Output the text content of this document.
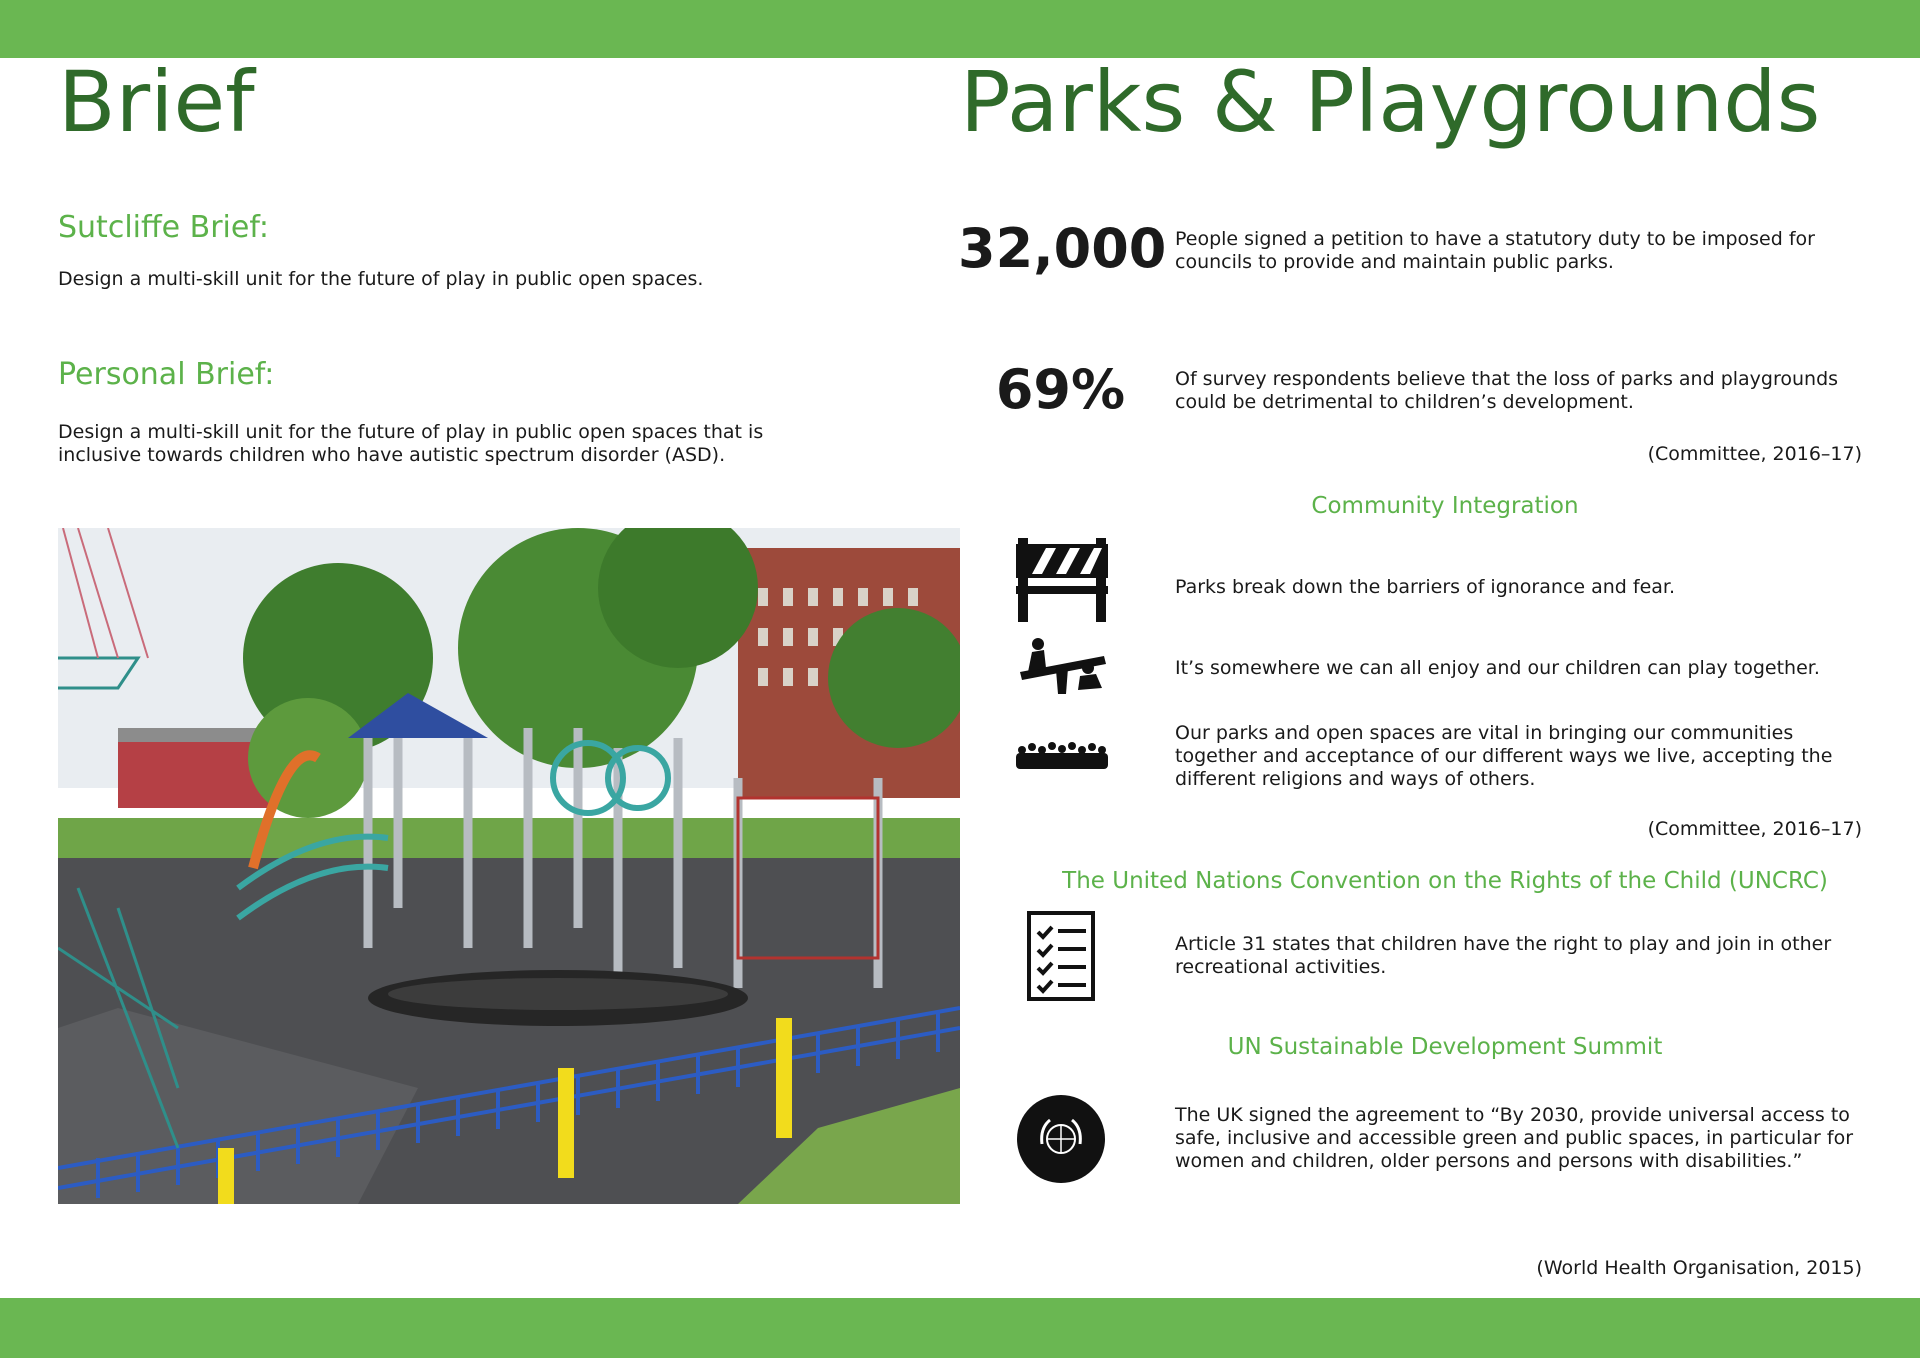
Brief	Parks & Playgrounds
Sutcliffe Brief:

Design a multi-skill unit for the future of play in public open spaces.

Personal Brief:

Design a multi-skill unit for the future of play in public open spaces that is inclusive towards children who have autistic spectrum disorder (ASD).

32,000 People signed a petition to have a statutory duty to be imposed for councils to provide and maintain public parks.

69%	Of survey respondents believe that the loss of parks and playgrounds could be detrimental to children’s development.

(Committee, 2016–17)
Community Integration

Parks break down the barriers of ignorance and fear.

It’s somewhere we can all enjoy and our children can play together.

Our parks and open spaces are vital in bringing our communities together and acceptance of our different ways we live, accepting the different religions and ways of others.

(Committee, 2016–17)
The United Nations Convention on the Rights of the Child (UNCRC)

Article 31 states that children have the right to play and join in other recreational activities.

UN Sustainable Development Summit

The UK signed the agreement to “By 2030, provide universal access to safe, inclusive and accessible green and public spaces, in particular for women and children, older persons and persons with disabilities.”

(World Health Organisation, 2015)
